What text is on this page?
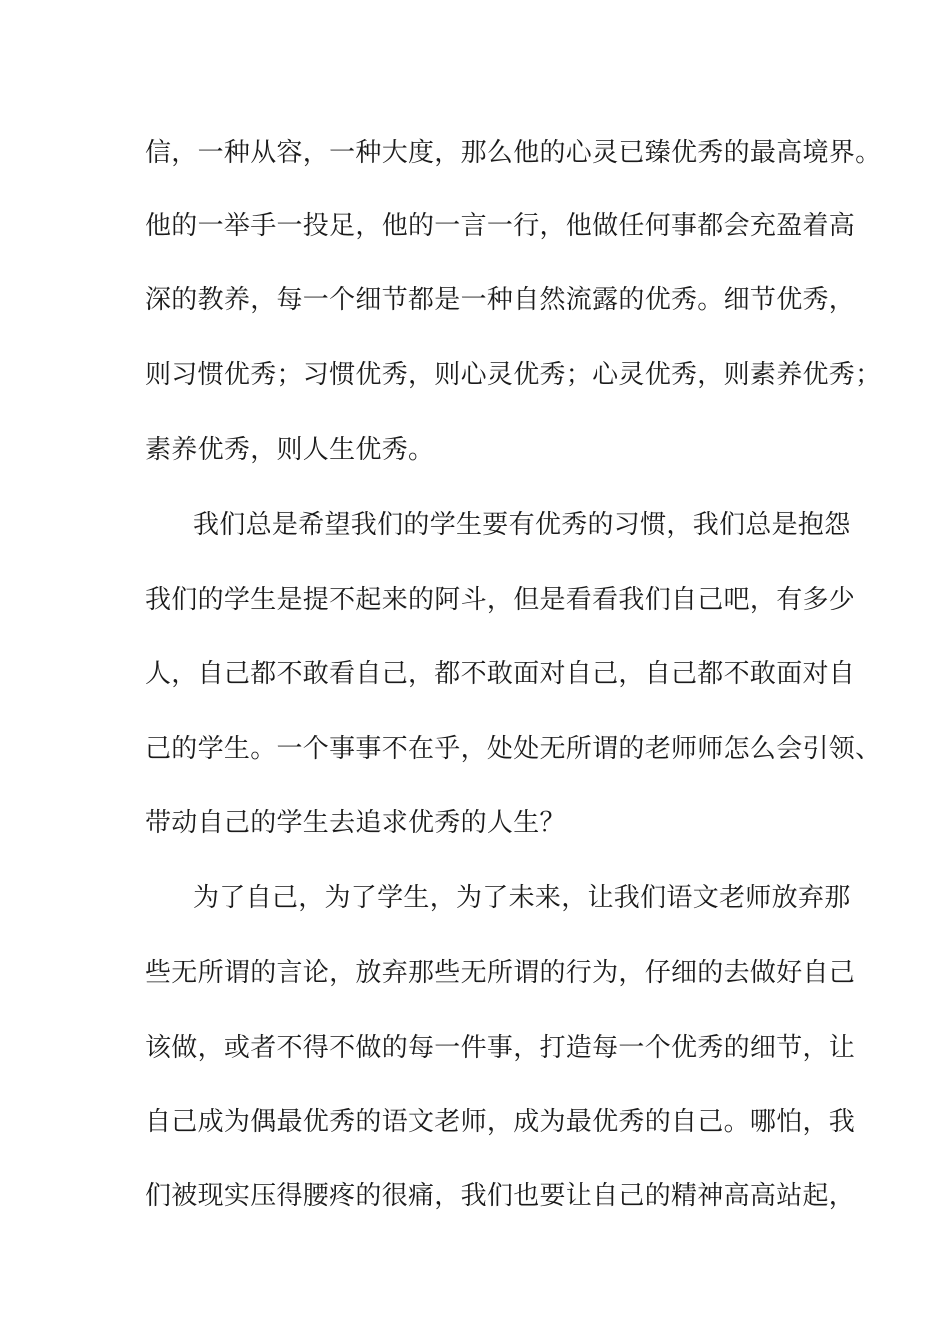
信，一种从容，一种大度，那么他的心灵已臻优秀的最高境界。
他的一举手一投足，他的一言一行，他做任何事都会充盈着高
深的教养，每一个细节都是一种自然流露的优秀。细节优秀，
则习惯优秀；习惯优秀，则心灵优秀；心灵优秀，则素养优秀；
素养优秀，则人生优秀。
我们总是希望我们的学生要有优秀的习惯，我们总是抱怨
我们的学生是提不起来的阿斗，但是看看我们自己吧，有多少
人，自己都不敢看自己，都不敢面对自己，自己都不敢面对自
己的学生。一个事事不在乎，处处无所谓的老师师怎么会引领、
带动自己的学生去追求优秀的人生？
为了自己，为了学生，为了未来，让我们语文老师放弃那
些无所谓的言论，放弃那些无所谓的行为，仔细的去做好自己
该做，或者不得不做的每一件事，打造每一个优秀的细节，让
自己成为偶最优秀的语文老师，成为最优秀的自己。哪怕，我
们被现实压得腰疼的很痛，我们也要让自己的精神高高站起，
